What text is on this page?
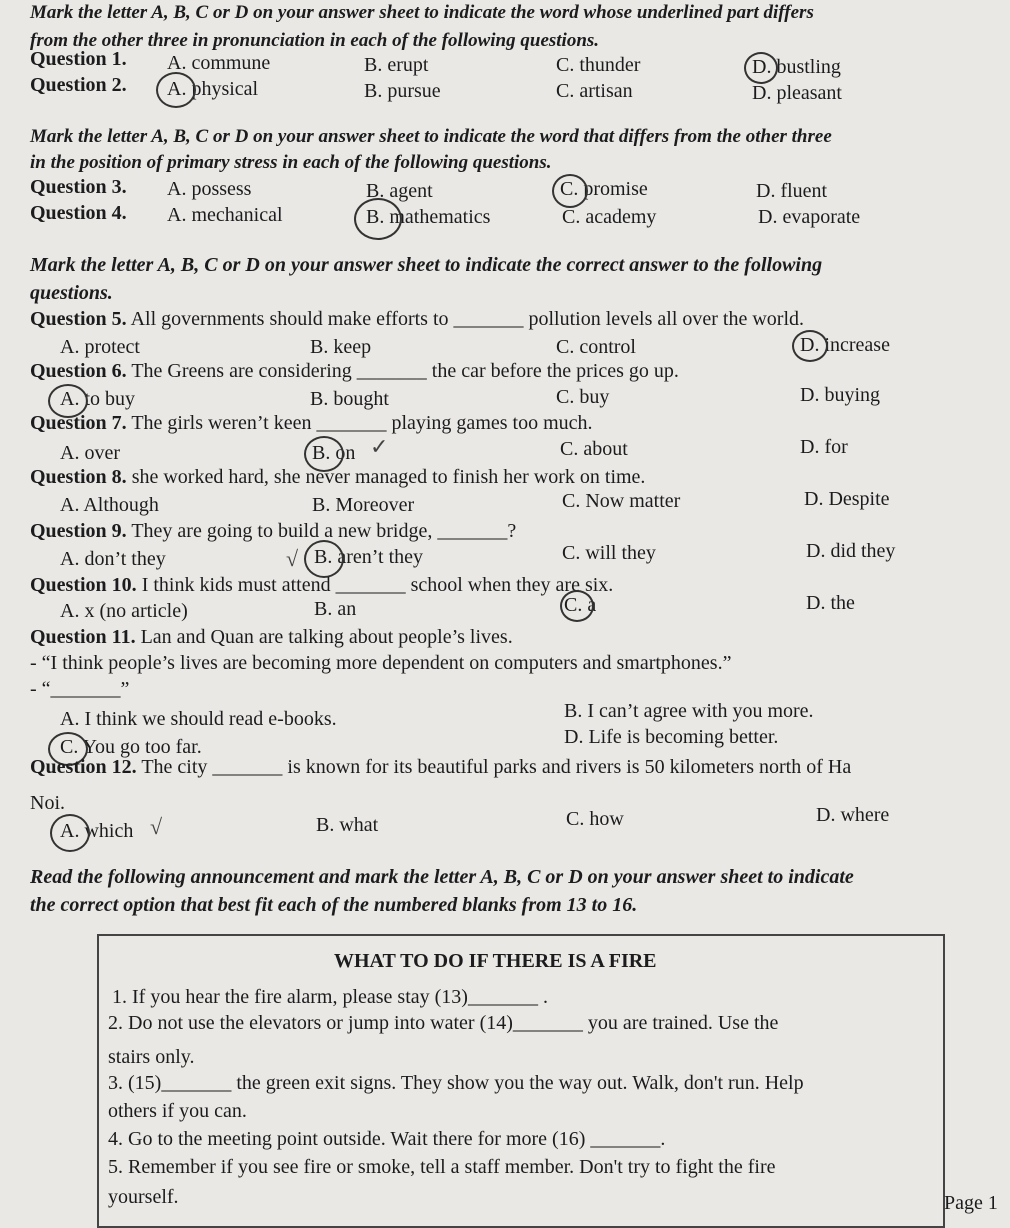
Mark the letter A, B, C or D on your answer sheet to indicate the word whose underlined part differs
from the other three in pronunciation in each of the following questions.
Question 1. A. commune	B. erupt	C. thunder	D. bustling
Question 2. A. physical	B. pursue	C. artisan	D. pleasant
Mark the letter A, B, C or D on your answer sheet to indicate the word that differs from the other three
in the position of primary stress in each of the following questions.
Question 3. A. possess	B. agent	C. promise	D. fluent
Question 4. A. mechanical	B. mathematics	C. academy	D. evaporate
Mark the letter A, B, C or D on your answer sheet to indicate the correct answer to the following
questions.
Question 5. All governments should make efforts to _______ pollution levels all over the world.
A. protect	B. keep	C. control	D. increase
Question 6. The Greens are considering _______ the car before the prices go up.
A. to buy	B. bought	C. buy	D. buying
Question 7. The girls weren’t keen _______ playing games too much.
A. over	B. on	C. about	D. for
✓
Question 8. she worked hard, she never managed to finish her work on time.
A. Although	B. Moreover	C. Now matter	D. Despite
Question 9. They are going to build a new bridge, _______?
A. don’t they	B. aren’t they	C. will they	D. did they
√
Question 10. I think kids must attend _______ school when they are six.
A. x (no article)	B. an	C. a	D. the
Question 11. Lan and Quan are talking about people’s lives.
- “I think people’s lives are becoming more dependent on computers and smartphones.”
- “_______”
A. I think we should read e-books.	B. I can’t agree with you more.
C. You go too far.	D. Life is becoming better.
Question 12. The city _______ is known for its beautiful parks and rivers is 50 kilometers north of Ha
Noi.
A. which	B. what	C. how	D. where
√
Read the following announcement and mark the letter A, B, C or D on your answer sheet to indicate
the correct option that best fit each of the numbered blanks from 13 to 16.
WHAT TO DO IF THERE IS A FIRE
1. If you hear the fire alarm, please stay (13)_______ .
2. Do not use the elevators or jump into water (14)_______ you are trained. Use the
stairs only.
3. (15)_______ the green exit signs. They show you the way out. Walk, don't run. Help
others if you can.
4. Go to the meeting point outside. Wait there for more (16) _______.
5. Remember if you see fire or smoke, tell a staff member. Don't try to fight the fire
yourself.	Page 1
